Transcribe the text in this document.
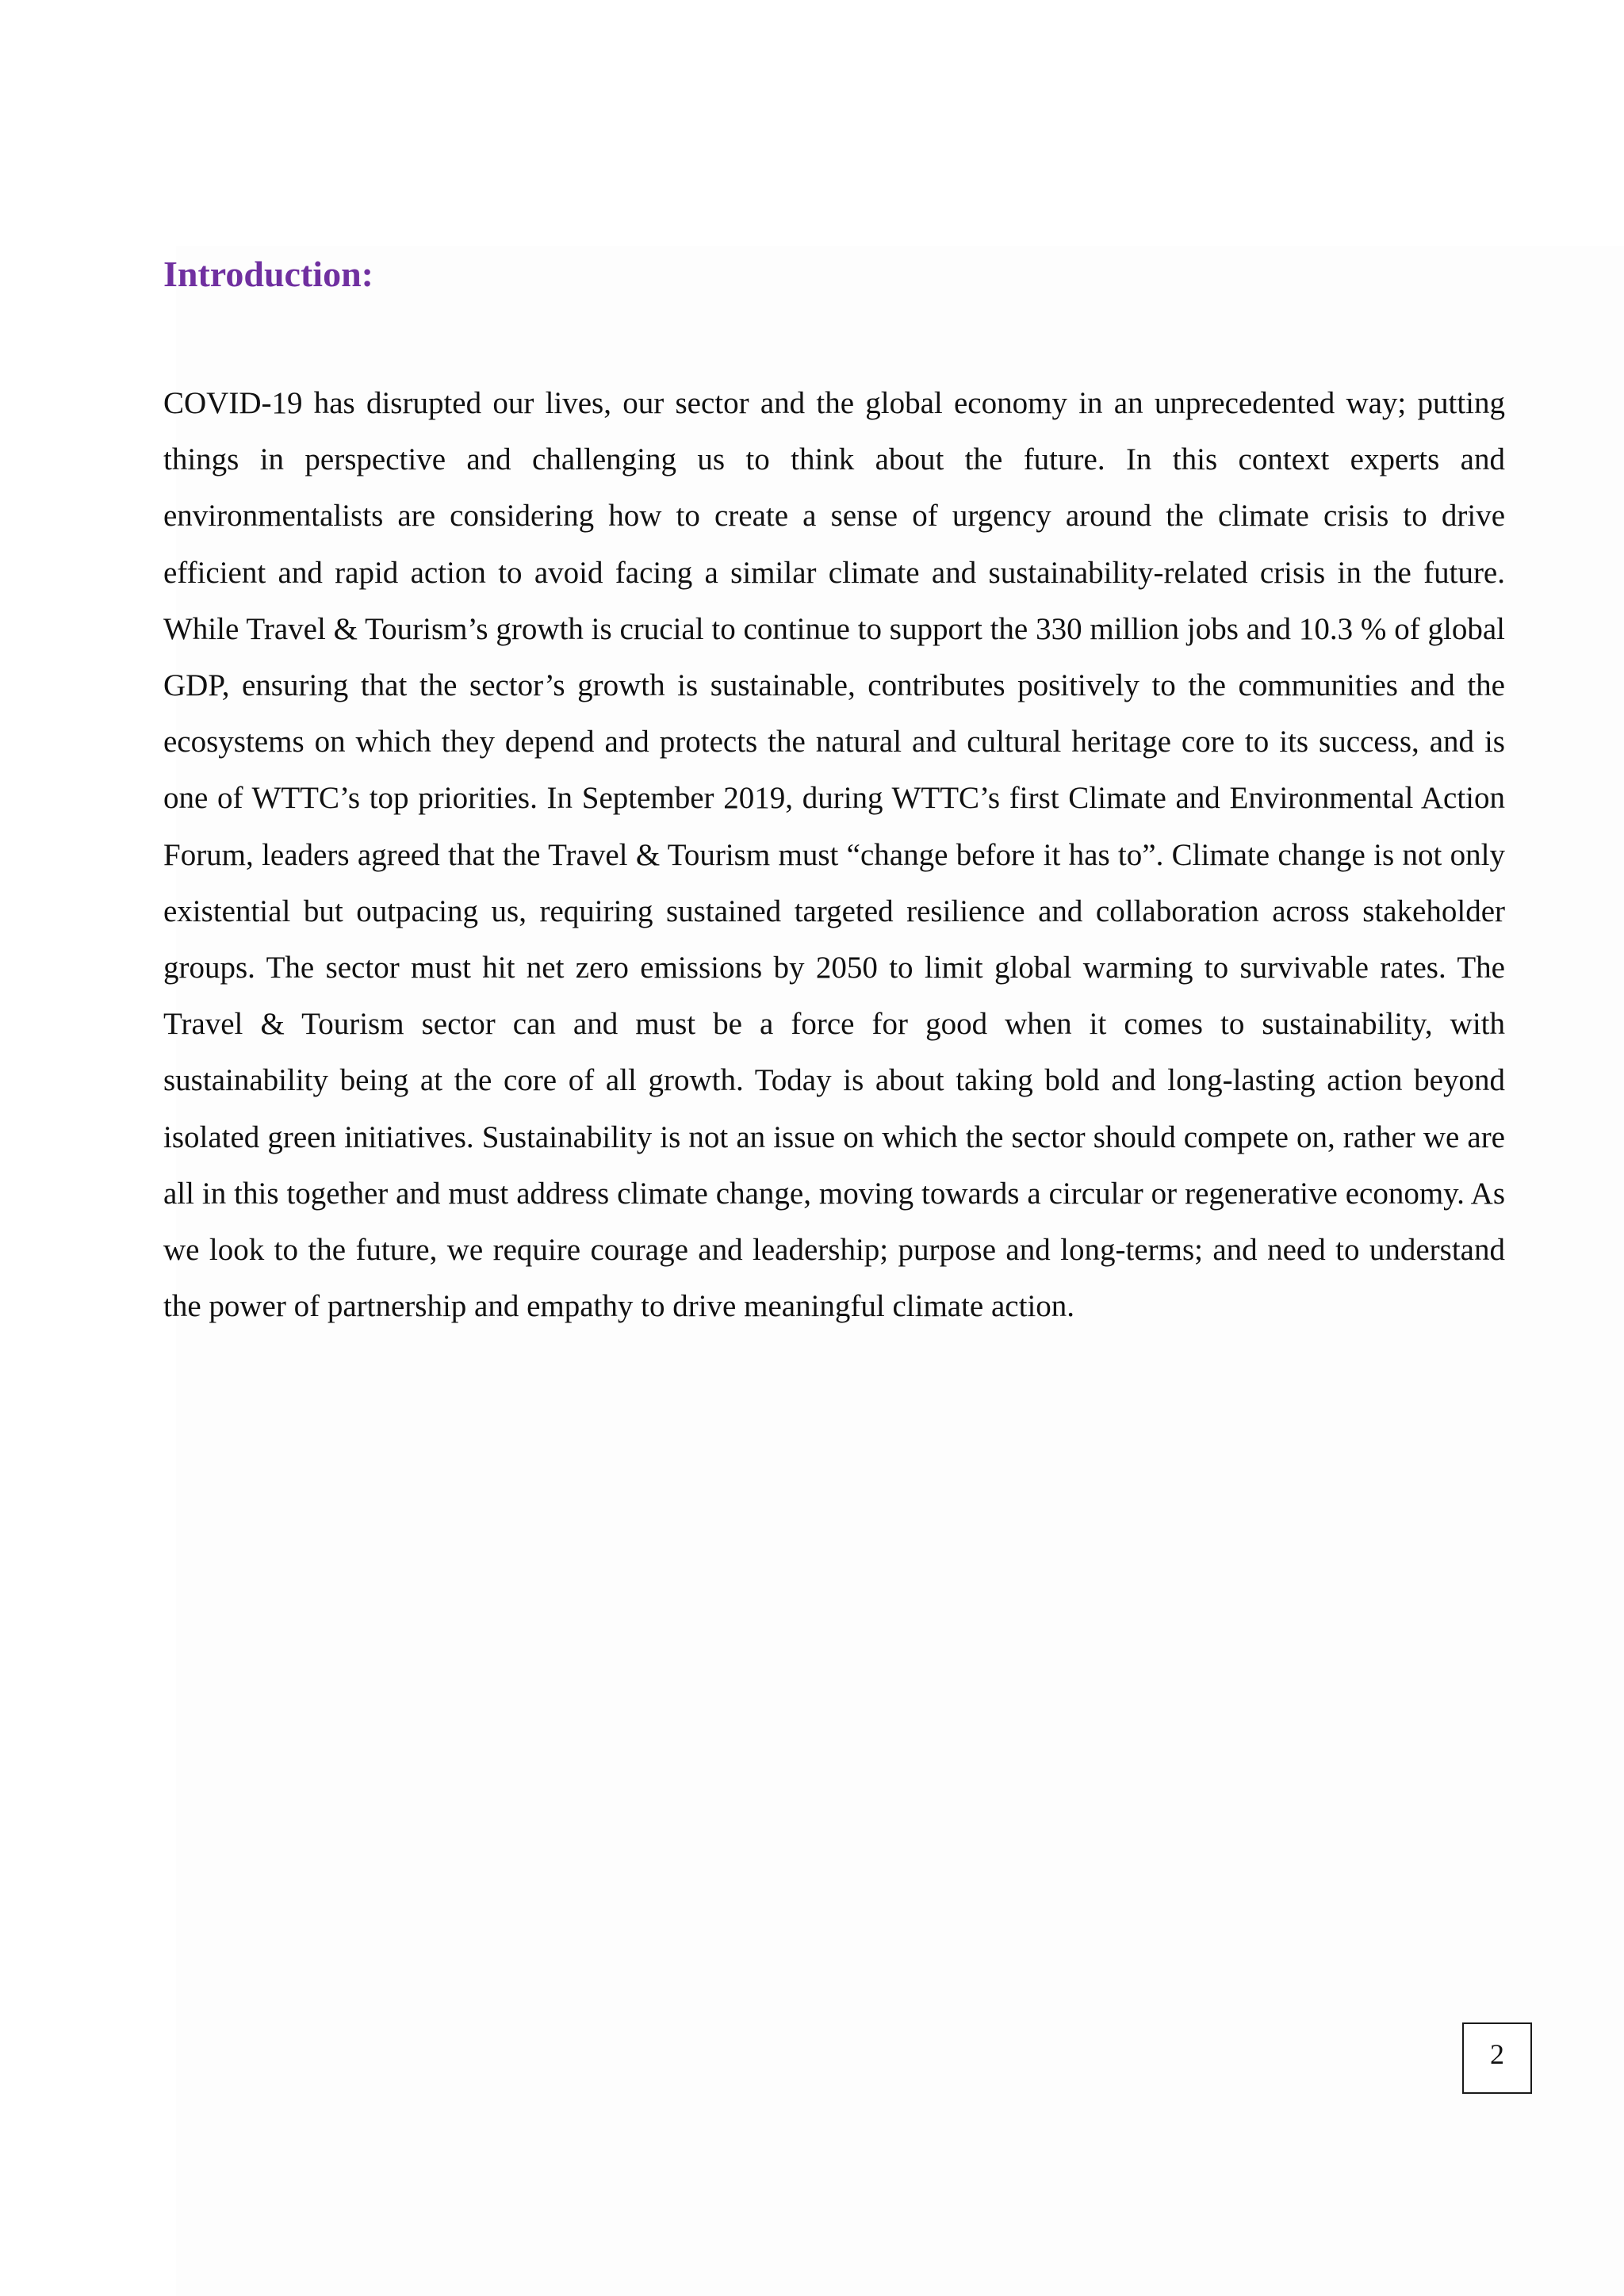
Introduction:

COVID-19 has disrupted our lives, our sector and the global economy in an unprecedented way; putting things in perspective and challenging us to think about the future. In this context experts and environmentalists are considering how to create a sense of urgency around the climate crisis to drive efficient and rapid action to avoid facing a similar climate and sustainability-related crisis in the future. While Travel & Tourism’s growth is crucial to continue to support the 330 million jobs and 10.3 % of global GDP, ensuring that the sector’s growth is sustainable, contributes positively to the communities and the ecosystems on which they depend and protects the natural and cultural heritage core to its success, and is one of WTTC’s top priorities. In September 2019, during WTTC’s first Climate and Environmental Action Forum, leaders agreed that the Travel & Tourism must “change before it has to”. Climate change is not only existential but outpacing us, requiring sustained targeted resilience and collaboration across stakeholder groups. The sector must hit net zero emissions by 2050 to limit global warming to survivable rates. The Travel & Tourism sector can and must be a force for good when it comes to sustainability, with sustainability being at the core of all growth. Today is about taking bold and long-lasting action beyond isolated green initiatives. Sustainability is not an issue on which the sector should compete on, rather we are all in this together and must address climate change, moving towards a circular or regenerative economy. As we look to the future, we require courage and leadership; purpose and long-terms; and need to understand the power of partnership and empathy to drive meaningful climate action.

2
